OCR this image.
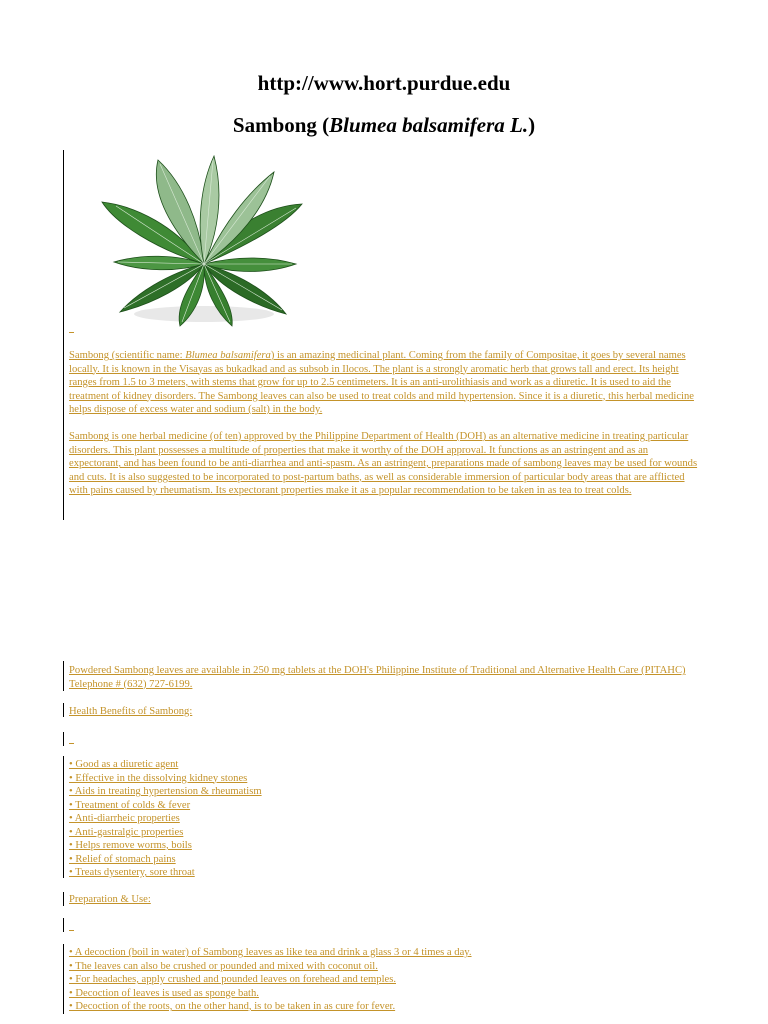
http://www.hort.purdue.edu
Sambong (Blumea balsamifera L.)

Sambong (scientific name: Blumea balsamifera) is an amazing medicinal plant. Coming from the family of Compositae, it goes by several names locally. It is known in the Visayas as bukadkad and as subsob in Ilocos. The plant is a strongly aromatic herb that grows tall and erect. Its height ranges from 1.5 to 3 meters, with stems that grow for up to 2.5 centimeters. It is an anti-urolithiasis and work as a diuretic. It is used to aid the treatment of kidney disorders. The Sambong leaves can also be used to treat colds and mild hypertension. Since it is a diuretic, this herbal medicine helps dispose of excess water and sodium (salt) in the body.

Sambong is one herbal medicine (of ten) approved by the Philippine Department of Health (DOH) as an alternative medicine in treating particular disorders. This plant possesses a multitude of properties that make it worthy of the DOH approval. It functions as an astringent and as an expectorant, and has been found to be anti-diarrhea and anti-spasm. As an astringent, preparations made of sambong leaves may be used for wounds and cuts. It is also suggested to be incorporated to post-partum baths, as well as considerable immersion of particular body areas that are afflicted with pains caused by rheumatism. Its expectorant properties make it as a popular recommendation to be taken in as tea to treat colds.

Powdered Sambong leaves are available in 250 mg tablets at the DOH's Philippine Institute of Traditional and Alternative Health Care (PITAHC) Telephone # (632) 727-6199.

Health Benefits of Sambong:

• Good as a diuretic agent
• Effective in the dissolving kidney stones
• Aids in treating hypertension & rheumatism
• Treatment of colds & fever
• Anti-diarrheic properties
• Anti-gastralgic properties
• Helps remove worms, boils
• Relief of stomach pains
• Treats dysentery, sore throat

Preparation & Use:

• A decoction (boil in water) of Sambong leaves as like tea and drink a glass 3 or 4 times a day.
• The leaves can also be crushed or pounded and mixed with coconut oil.
• For headaches, apply crushed and pounded leaves on forehead and temples.
• Decoction of leaves is used as sponge bath.
• Decoction of the roots, on the other hand, is to be taken in as cure for fever.
